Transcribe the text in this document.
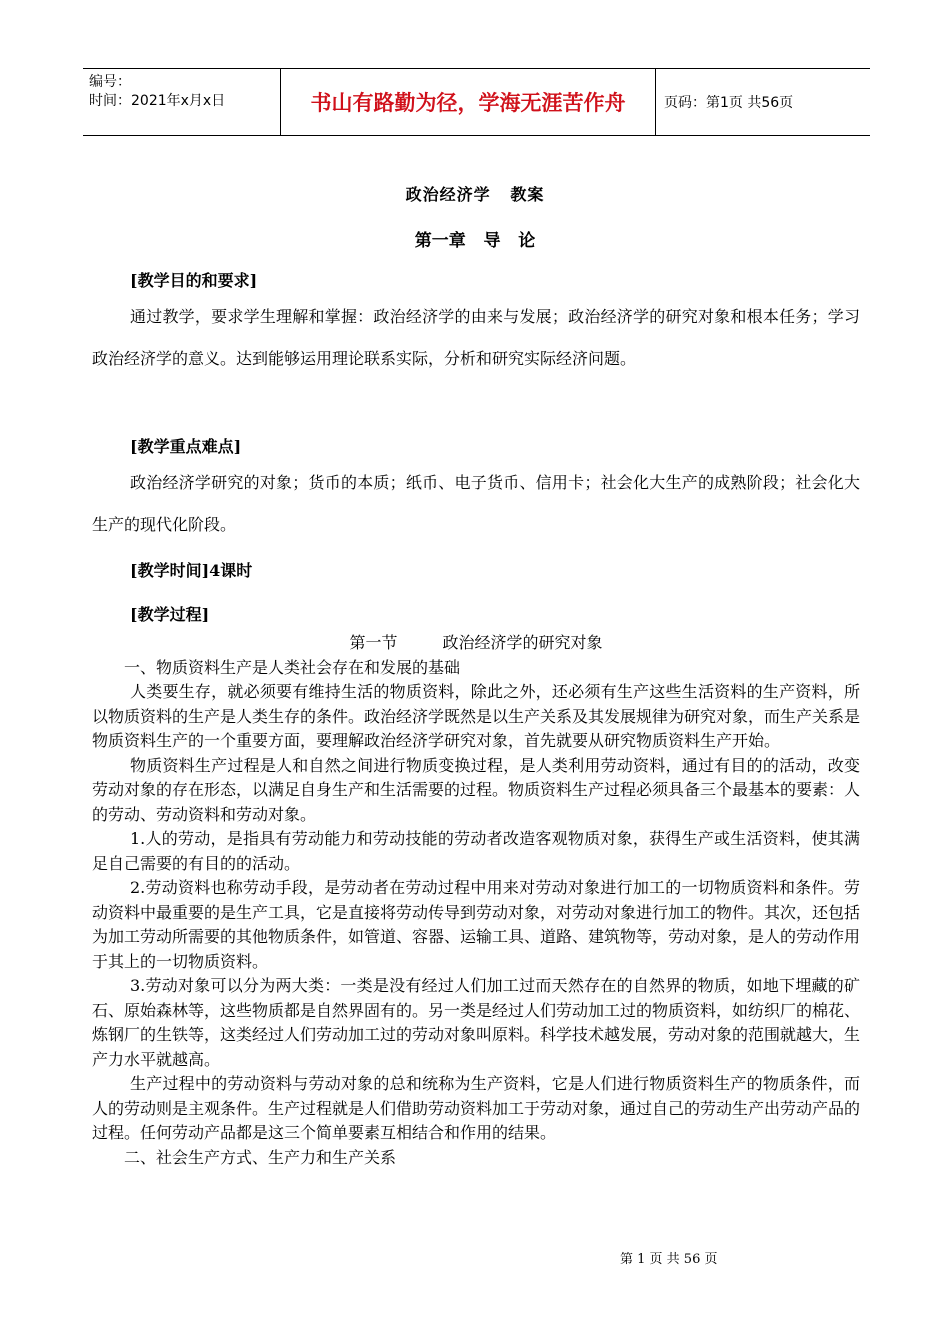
编号：
时间：2021年x月x日	书山有路勤为径，学海无涯苦作舟	页码：第1页 共56页
政治经济学   教案
第一章   导   论
[教学目的和要求]
通过教学，要求学生理解和掌握：政治经济学的由来与发展；政治经济学的研究对象和根本任务；学习政治经济学的意义。达到能够运用理论联系实际，分析和研究实际经济问题。
[教学重点难点]
政治经济学研究的对象；货币的本质；纸币、电子货币、信用卡；社会化大生产的成熟阶段；社会化大生产的现代化阶段。
[教学时间]4课时
[教学过程]

第一节 政治经济学的研究对象

一、物质资料生产是人类社会存在和发展的基础

人类要生存，就必须要有维持生活的物质资料，除此之外，还必须有生产这些生活资料的生产资料，所以物质资料的生产是人类生存的条件。政治经济学既然是以生产关系及其发展规律为研究对象，而生产关系是物质资料生产的一个重要方面，要理解政治经济学研究对象，首先就要从研究物质资料生产开始。

物质资料生产过程是人和自然之间进行物质变换过程，是人类利用劳动资料，通过有目的的活动，改变劳动对象的存在形态，以满足自身生产和生活需要的过程。物质资料生产过程必须具备三个最基本的要素：人的劳动、劳动资料和劳动对象。

1.人的劳动，是指具有劳动能力和劳动技能的劳动者改造客观物质对象，获得生产或生活资料，使其满足自己需要的有目的的活动。

2.劳动资料也称劳动手段，是劳动者在劳动过程中用来对劳动对象进行加工的一切物质资料和条件。劳动资料中最重要的是生产工具，它是直接将劳动传导到劳动对象，对劳动对象进行加工的物件。其次，还包括为加工劳动所需要的其他物质条件，如管道、容器、运输工具、道路、建筑物等，劳动对象，是人的劳动作用于其上的一切物质资料。

3.劳动对象可以分为两大类：一类是没有经过人们加工过而天然存在的自然界的物质，如地下埋藏的矿石、原始森林等，这些物质都是自然界固有的。另一类是经过人们劳动加工过的物质资料，如纺织厂的棉花、炼钢厂的生铁等，这类经过人们劳动加工过的劳动对象叫原料。科学技术越发展，劳动对象的范围就越大，生产力水平就越高。

生产过程中的劳动资料与劳动对象的总和统称为生产资料，它是人们进行物质资料生产的物质条件，而人的劳动则是主观条件。生产过程就是人们借助劳动资料加工于劳动对象，通过自己的劳动生产出劳动产品的过程。任何劳动产品都是这三个简单要素互相结合和作用的结果。

二、社会生产方式、生产力和生产关系

第 1 页 共 56 页
